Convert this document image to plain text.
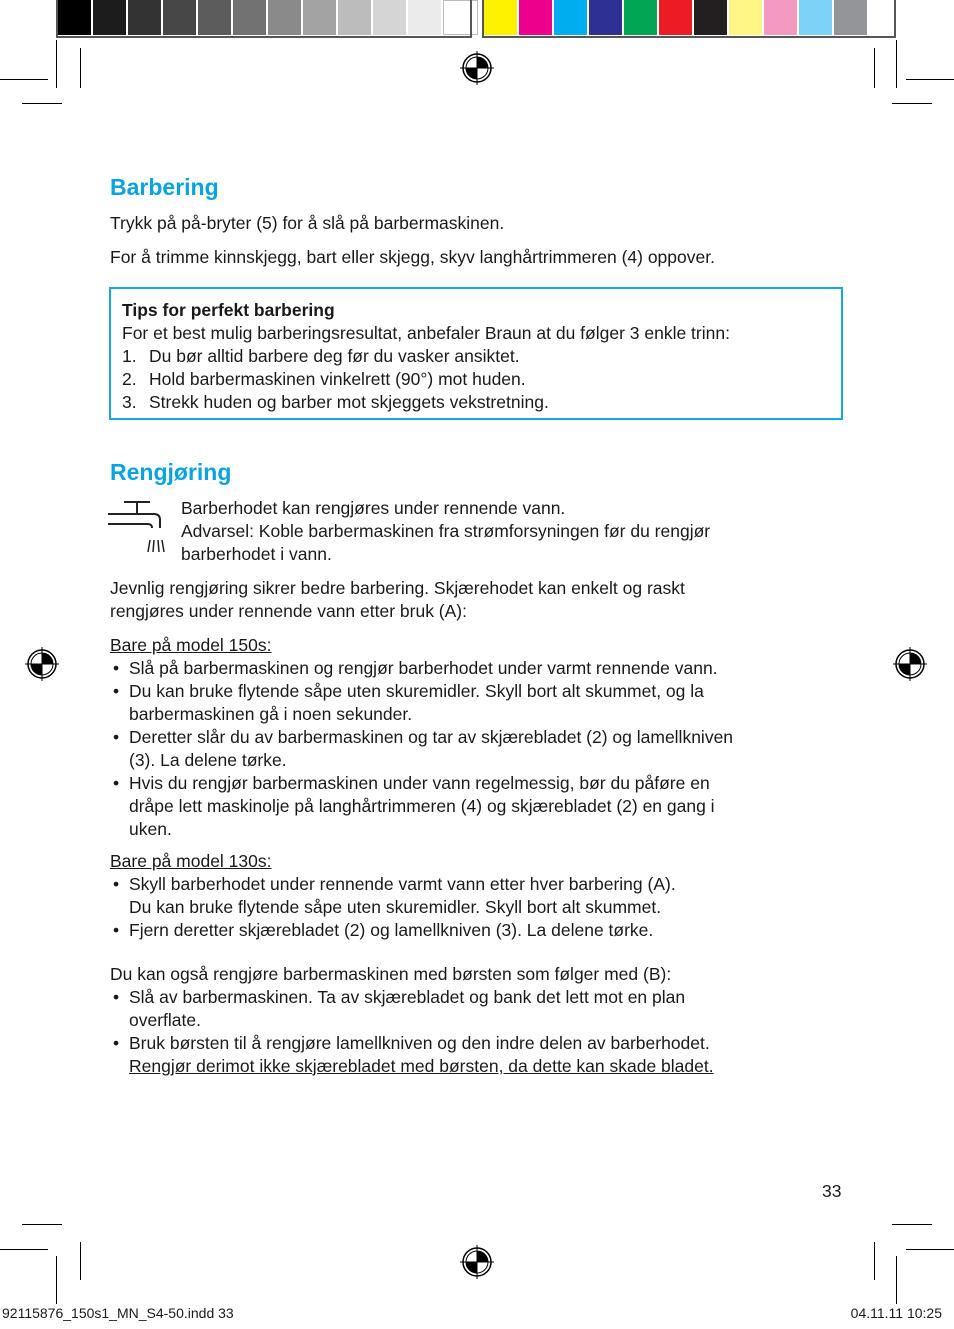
Barbering

Trykk på på-bryter (5) for å slå på barbermaskinen.

For å trimme kinnskjegg, bart eller skjegg, skyv langhårtrimmeren (4) oppover.

Tips for perfekt barbering
For et best mulig barberingsresultat, anbefaler Braun at du følger 3 enkle trinn:
1. Du bør alltid barbere deg før du vasker ansiktet.
2. Hold barbermaskinen vinkelrett (90°) mot huden.
3. Strekk huden og barber mot skjeggets vekstretning.
Rengjøring
Barberhodet kan rengjøres under rennende vann.
Advarsel: Koble barbermaskinen fra strømforsyningen før du rengjør
barberhodet i vann.
Jevnlig rengjøring sikrer bedre barbering. Skjærehodet kan enkelt og raskt
rengjøres under rennende vann etter bruk (A):
Bare på model 150s:
• Slå på barbermaskinen og rengjør barberhodet under varmt rennende vann.
• Du kan bruke flytende såpe uten skuremidler. Skyll bort alt skummet, og la
barbermaskinen gå i noen sekunder.
• Deretter slår du av barbermaskinen og tar av skjærebladet (2) og lamellkniven
(3). La delene tørke.
• Hvis du rengjør barbermaskinen under vann regelmessig, bør du påføre en
dråpe lett maskinolje på langhårtrimmeren (4) og skjærebladet (2) en gang i
uken.
Bare på model 130s:
• Skyll barberhodet under rennende varmt vann etter hver barbering (A).
Du kan bruke flytende såpe uten skuremidler. Skyll bort alt skummet.
• Fjern deretter skjærebladet (2) og lamellkniven (3). La delene tørke.
Du kan også rengjøre barbermaskinen med børsten som følger med (B):
• Slå av barbermaskinen. Ta av skjærebladet og bank det lett mot en plan
overflate.
• Bruk børsten til å rengjøre lamellkniven og den indre delen av barberhodet.
Rengjør derimot ikke skjærebladet med børsten, da dette kan skade bladet.
33
92115876_150s1_MN_S4-50.indd 33	04.11.11 10:25
